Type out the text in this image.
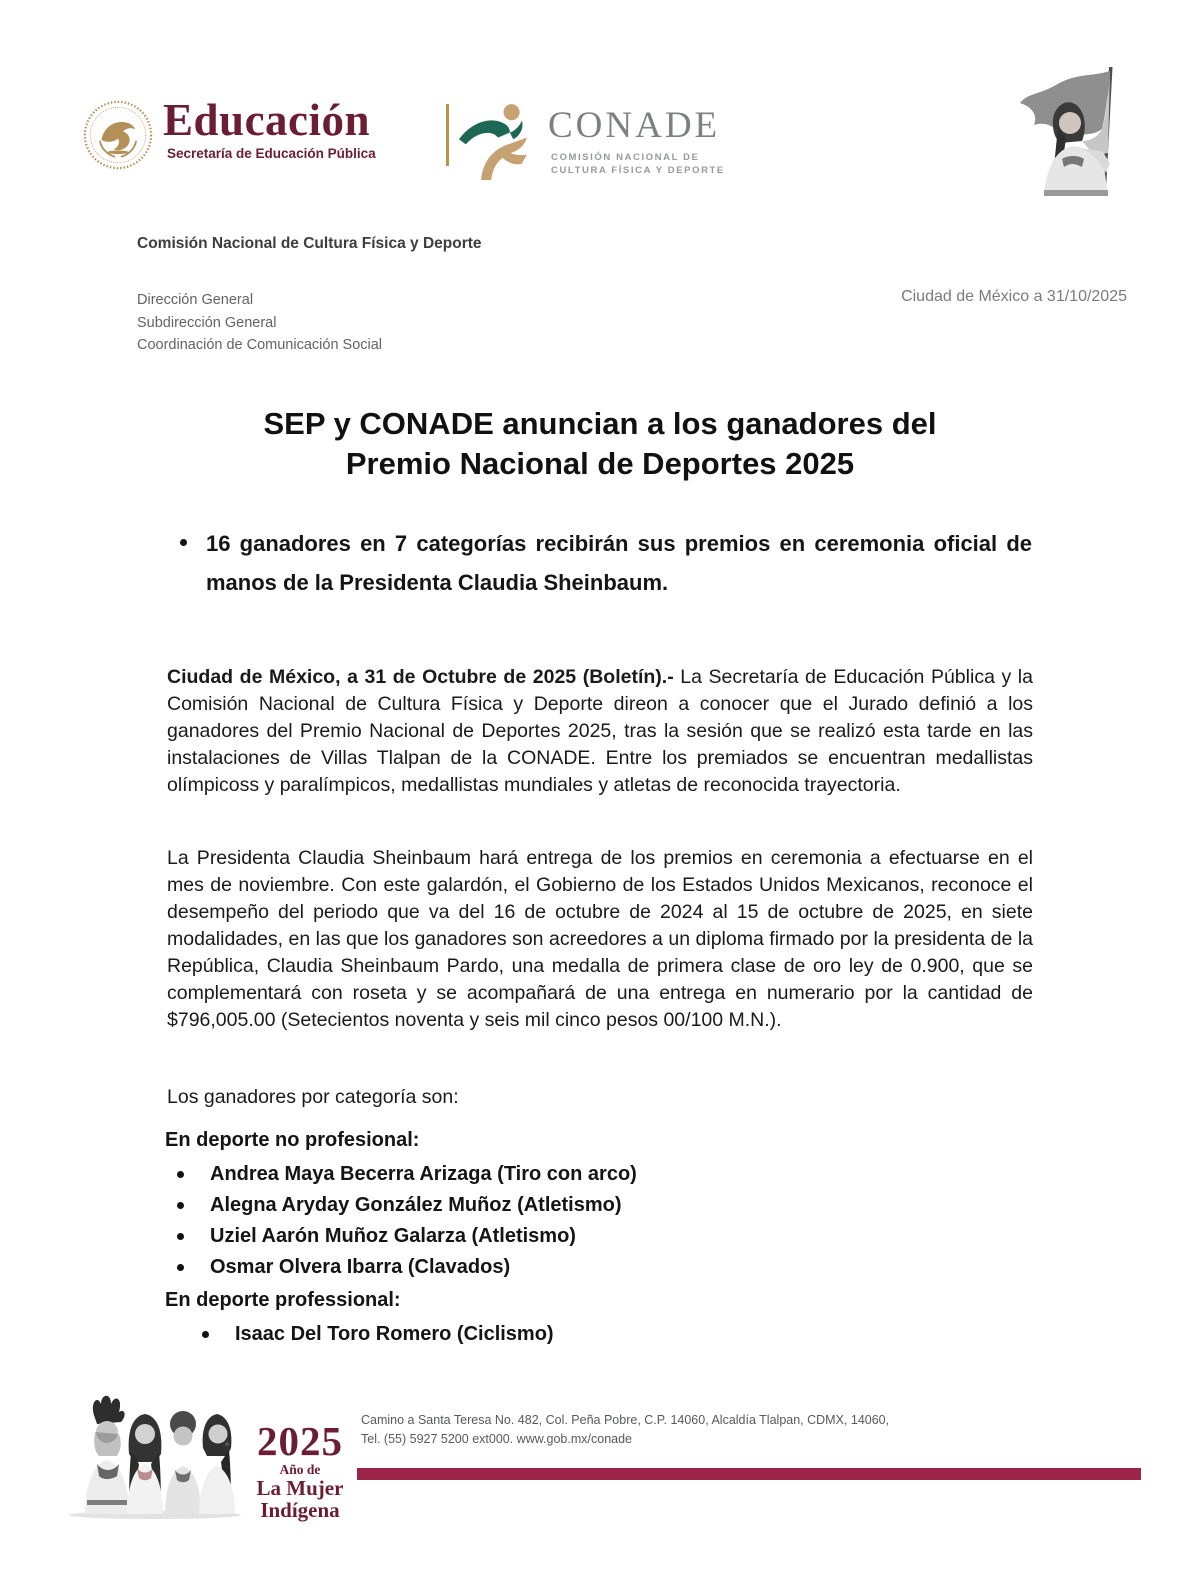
Educación
Secretaría de Educación Pública
CONADE
COMISIÓN NACIONAL DE
CULTURA FÍSICA Y DEPORTE
Comisión Nacional de Cultura Física y Deporte
Dirección General
Subdirección General
Coordinación de Comunicación Social
Ciudad de México a 31/10/2025
SEP y CONADE anuncian a los ganadores del
Premio Nacional de Deportes 2025
16 ganadores en 7 categorías recibirán sus premios en ceremonia oficial de manos de la Presidenta Claudia Sheinbaum.

Ciudad de México, a 31 de Octubre de 2025 (Boletín).- La Secretaría de Educación Pública y la Comisión Nacional de Cultura Física y Deporte direon a conocer que el Jurado definió a los ganadores del Premio Nacional de Deportes 2025, tras la sesión que se realizó esta tarde en las instalaciones de Villas Tlalpan de la CONADE. Entre los premiados se encuentran medallistas olímpicoss y paralímpicos, medallistas mundiales y atletas de reconocida trayectoria.

La Presidenta Claudia Sheinbaum hará entrega de los premios en ceremonia a efectuarse en el mes de noviembre. Con este galardón, el Gobierno de los Estados Unidos Mexicanos, reconoce el desempeño del periodo que va del 16 de octubre de 2024 al 15 de octubre de 2025, en siete modalidades, en las que los ganadores son acreedores a un diploma firmado por la presidenta de la República, Claudia Sheinbaum Pardo, una medalla de primera clase de oro ley de 0.900, que se complementará con roseta y se acompañará de una entrega en numerario por la cantidad de $796,005.00 (Setecientos noventa y seis mil cinco pesos 00/100 M.N.).

Los ganadores por categoría son:
En deporte no profesional:
Andrea Maya Becerra Arizaga (Tiro con arco)
Alegna Aryday González Muñoz (Atletismo)
Uziel Aarón Muñoz Galarza (Atletismo)
Osmar Olvera Ibarra (Clavados)
En deporte professional:
Isaac Del Toro Romero (Ciclismo)
2025
Año de
La Mujer
Indígena
Camino a Santa Teresa No. 482, Col. Peña Pobre, C.P. 14060, Alcaldía Tlalpan, CDMX, 14060,
Tel. (55) 5927 5200 ext000. www.gob.mx/conade
